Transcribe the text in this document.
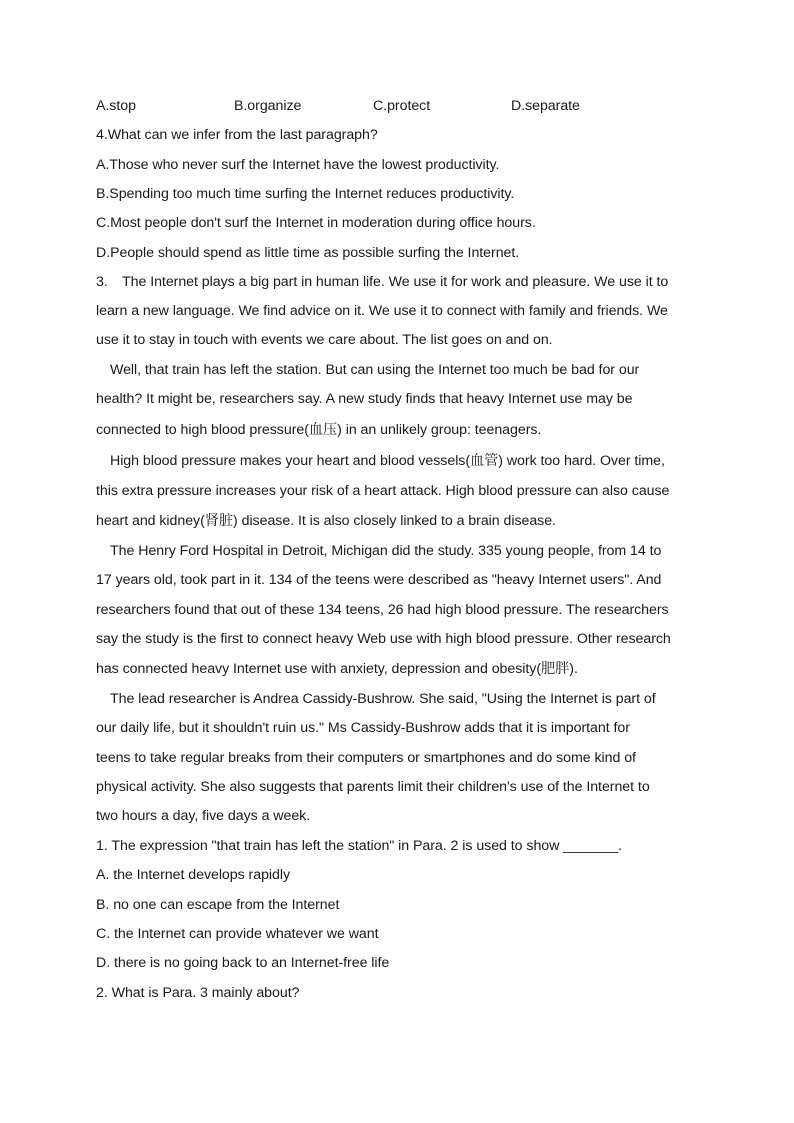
A.stop	B.organize	C.protect	D.separate
4.What can we infer from the last paragraph?
A.Those who never surf the Internet have the lowest productivity.
B.Spending too much time surfing the Internet reduces productivity.
C.Most people don't surf the Internet in moderation during office hours.
D.People should spend as little time as possible surfing the Internet.
3. The Internet plays a big part in human life. We use it for work and pleasure. We use it to
learn a new language. We find advice on it. We use it to connect with family and friends. We
use it to stay in touch with events we care about. The list goes on and on.
Well, that train has left the station. But can using the Internet too much be bad for our
health? It might be, researchers say. A new study finds that heavy Internet use may be
connected to high blood pressure(血压) in an unlikely group: teenagers.
High blood pressure makes your heart and blood vessels(血管) work too hard. Over time,
this extra pressure increases your risk of a heart attack. High blood pressure can also cause
heart and kidney(肾脏) disease. It is also closely linked to a brain disease.
The Henry Ford Hospital in Detroit, Michigan did the study. 335 young people, from 14 to
17 years old, took part in it. 134 of the teens were described as "heavy Internet users". And
researchers found that out of these 134 teens, 26 had high blood pressure. The researchers
say the study is the first to connect heavy Web use with high blood pressure. Other research
has connected heavy Internet use with anxiety, depression and obesity(肥胖).
The lead researcher is Andrea Cassidy-Bushrow. She said, "Using the Internet is part of
our daily life, but it shouldn't ruin us." Ms Cassidy-Bushrow adds that it is important for
teens to take regular breaks from their computers or smartphones and do some kind of
physical activity. She also suggests that parents limit their children's use of the Internet to
two hours a day, five days a week.
1. The expression "that train has left the station" in Para. 2 is used to show _______.
A. the Internet develops rapidly
B. no one can escape from the Internet
C. the Internet can provide whatever we want
D. there is no going back to an Internet-free life
2. What is Para. 3 mainly about?
